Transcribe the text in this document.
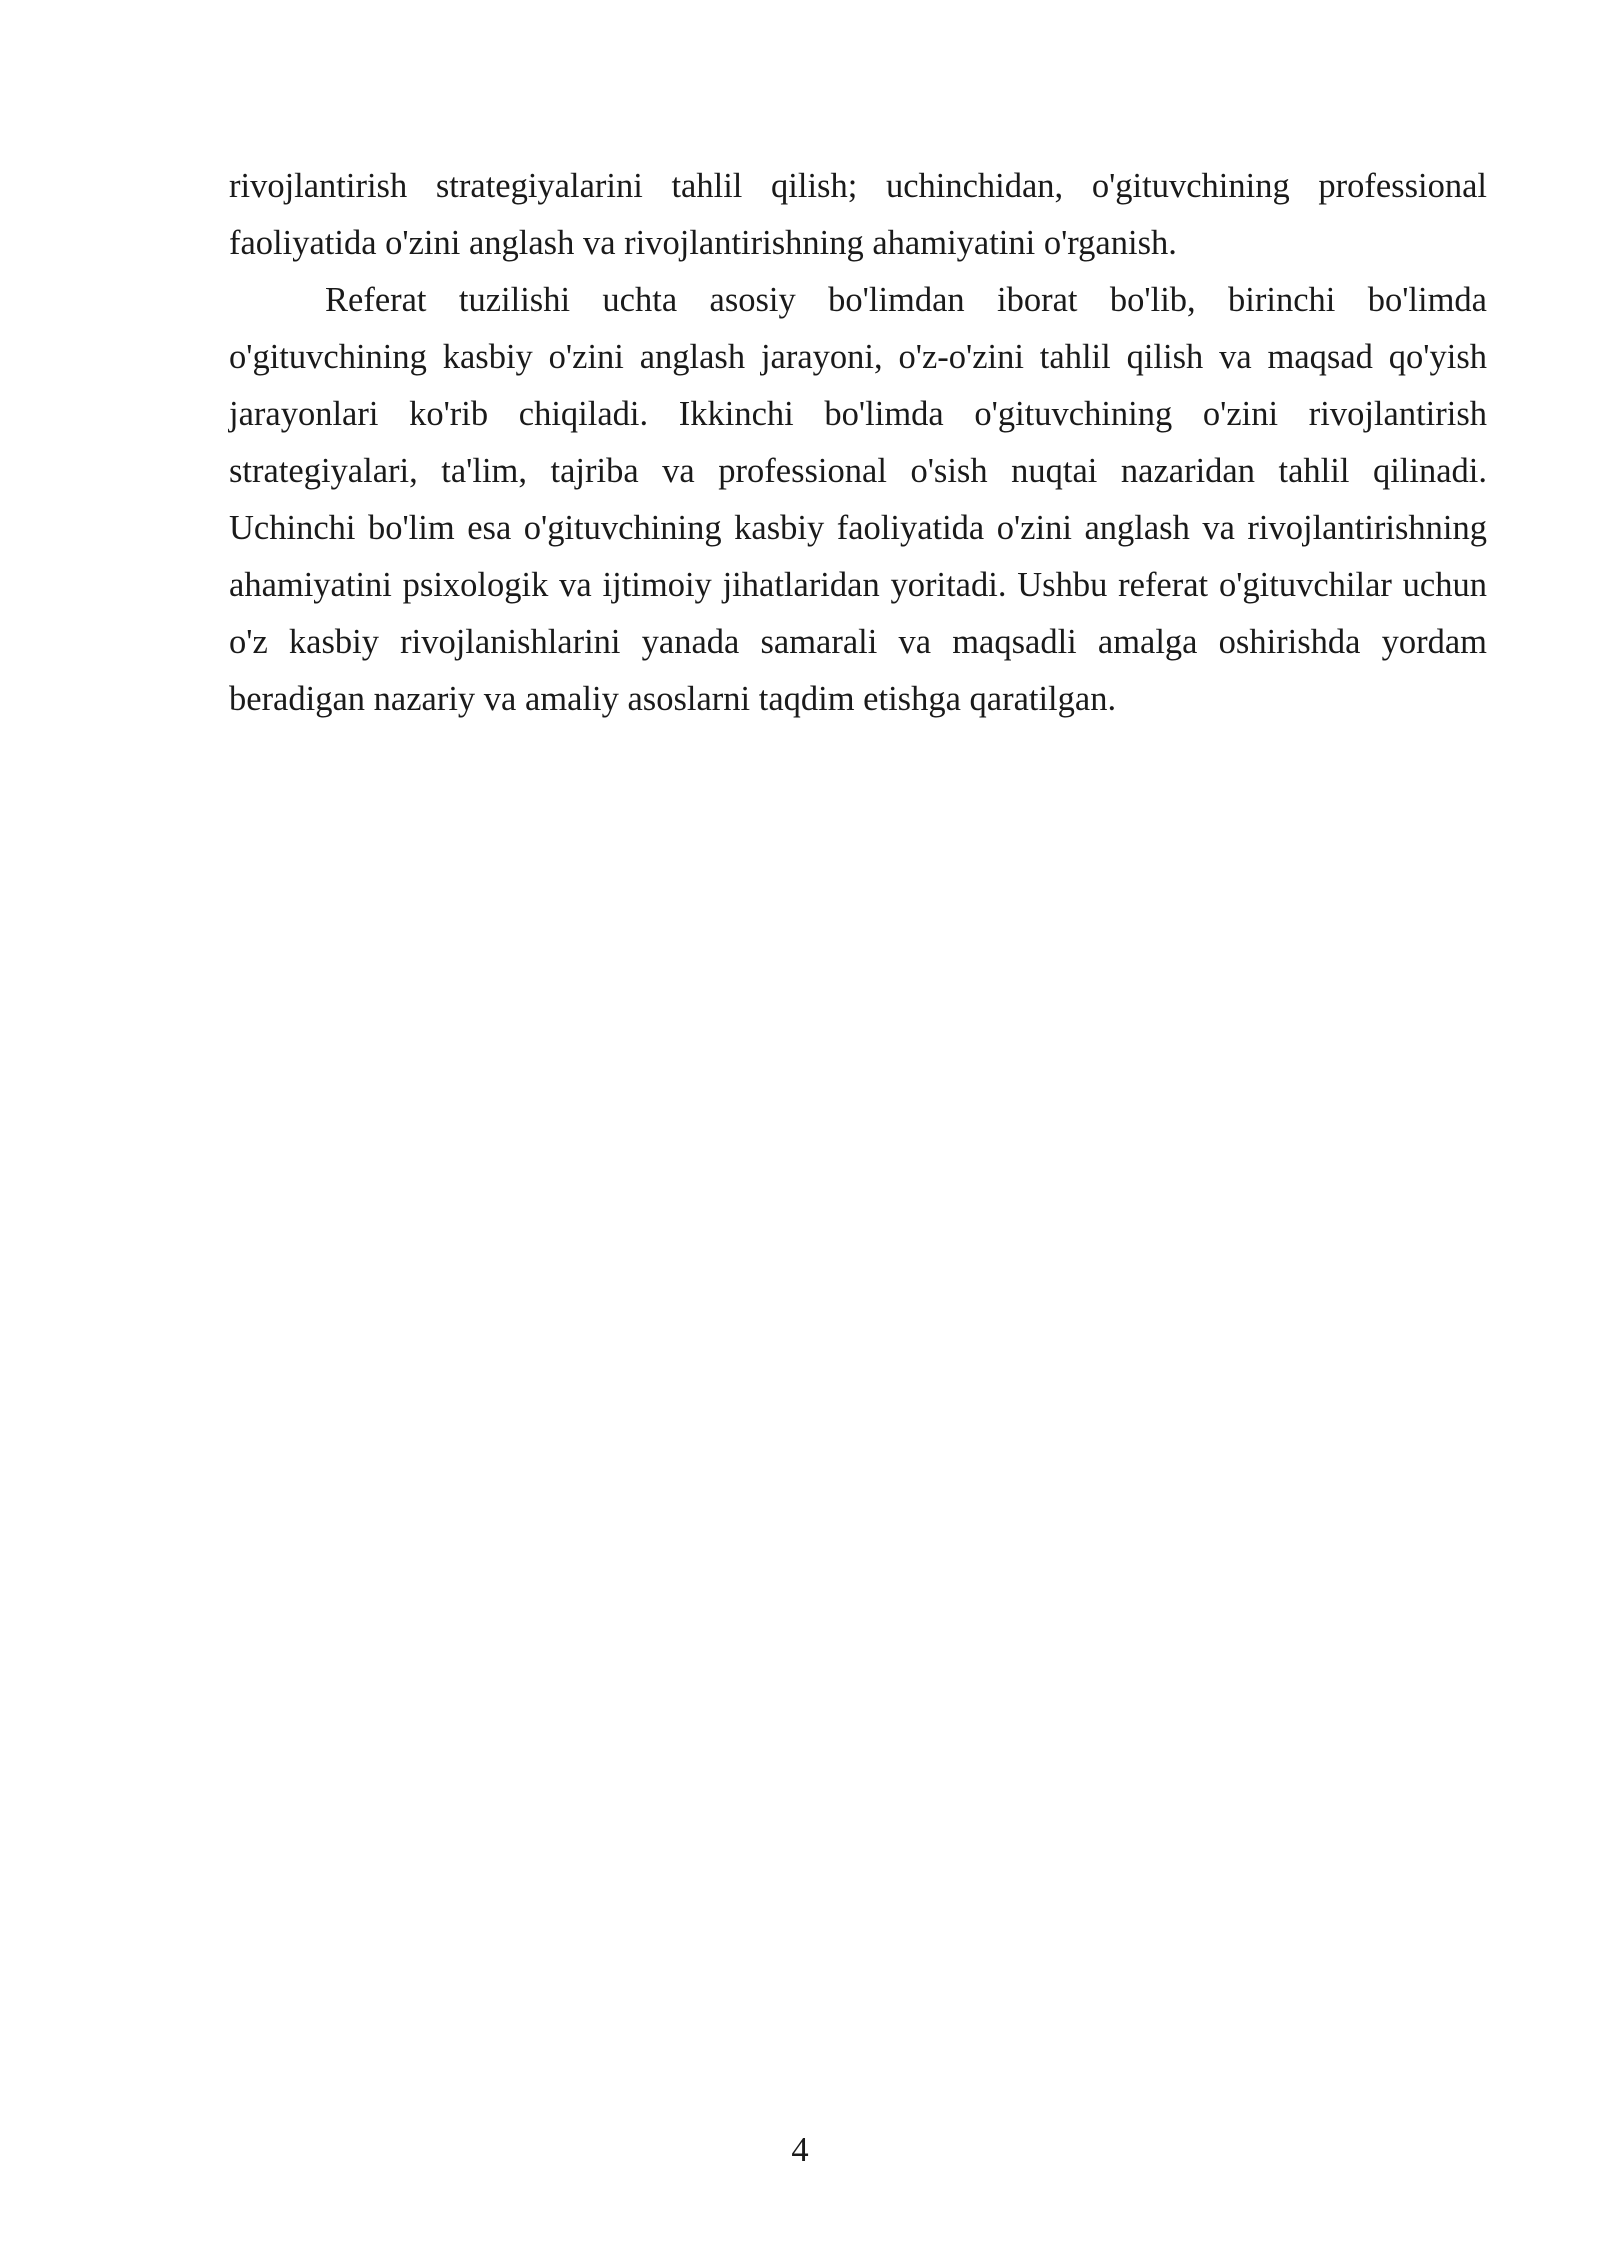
rivojlantirish strategiyalarini tahlil qilish; uchinchidan, o'gituvchining professional faoliyatida o'zini anglash va rivojlantirishning ahamiyatini o'rganish.

Referat tuzilishi uchta asosiy bo'limdan iborat bo'lib, birinchi bo'limda o'gituvchining kasbiy o'zini anglash jarayoni, o'z-o'zini tahlil qilish va maqsad qo'yish jarayonlari ko'rib chiqiladi. Ikkinchi bo'limda o'gituvchining o'zini rivojlantirish strategiyalari, ta'lim, tajriba va professional o'sish nuqtai nazaridan tahlil qilinadi. Uchinchi bo'lim esa o'gituvchining kasbiy faoliyatida o'zini anglash va rivojlantirishning ahamiyatini psixologik va ijtimoiy jihatlaridan yoritadi. Ushbu referat o'gituvchilar uchun o'z kasbiy rivojlanishlarini yanada samarali va maqsadli amalga oshirishda yordam beradigan nazariy va amaliy asoslarni taqdim etishga qaratilgan.

4
